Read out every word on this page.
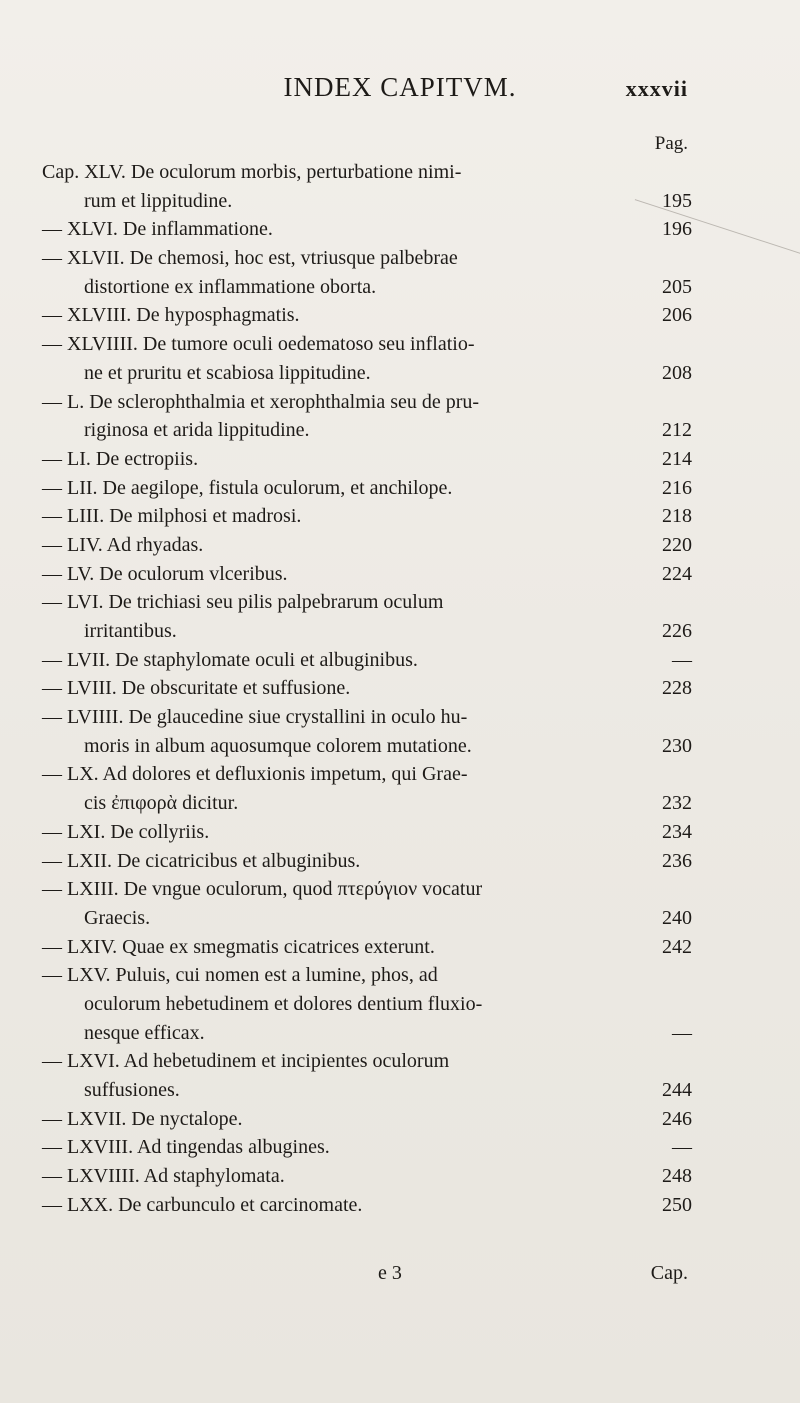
INDEX CAPITVM.	xxxvii
Pag.
Cap. XLV. De oculorum morbis, perturbatione nimi-
rum et lippitudine.	195
— XLVI. De inflammatione.	196
— XLVII. De chemosi, hoc est, vtriusque palbebrae
distortione ex inflammatione oborta.	205
— XLVIII. De hyposphagmatis.	206
— XLVIIII. De tumore oculi oedematoso seu inflatio-
ne et pruritu et scabiosa lippitudine.	208
— L. De sclerophthalmia et xerophthalmia seu de pru-
riginosa et arida lippitudine.	212
— LI. De ectropiis.	214
— LII. De aegilope, fistula oculorum, et anchilope.	216
— LIII. De milphosi et madrosi.	218
— LIV. Ad rhyadas.	220
— LV. De oculorum vlceribus.	224
— LVI. De trichiasi seu pilis palpebrarum oculum
irritantibus.	226
— LVII. De staphylomate oculi et albuginibus.	—
— LVIII. De obscuritate et suffusione.	228
— LVIIII. De glaucedine siue crystallini in oculo hu-
moris in album aquosumque colorem mutatione.	230
— LX. Ad dolores et defluxionis impetum, qui Grae-
cis ἐπιφορὰ dicitur.	232
— LXI. De collyriis.	234
— LXII. De cicatricibus et albuginibus.	236
— LXIII. De vngue oculorum, quod πτερύγιον vocatur
Graecis.	240
— LXIV. Quae ex smegmatis cicatrices exterunt.	242
— LXV. Puluis, cui nomen est a lumine, phos, ad
oculorum hebetudinem et dolores dentium fluxio-
nesque efficax.	—
— LXVI. Ad hebetudinem et incipientes oculorum
suffusiones.	244
— LXVII. De nyctalope.	246
— LXVIII. Ad tingendas albugines.	—
— LXVIIII. Ad staphylomata.	248
— LXX. De carbunculo et carcinomate.	250
e 3	Cap.
